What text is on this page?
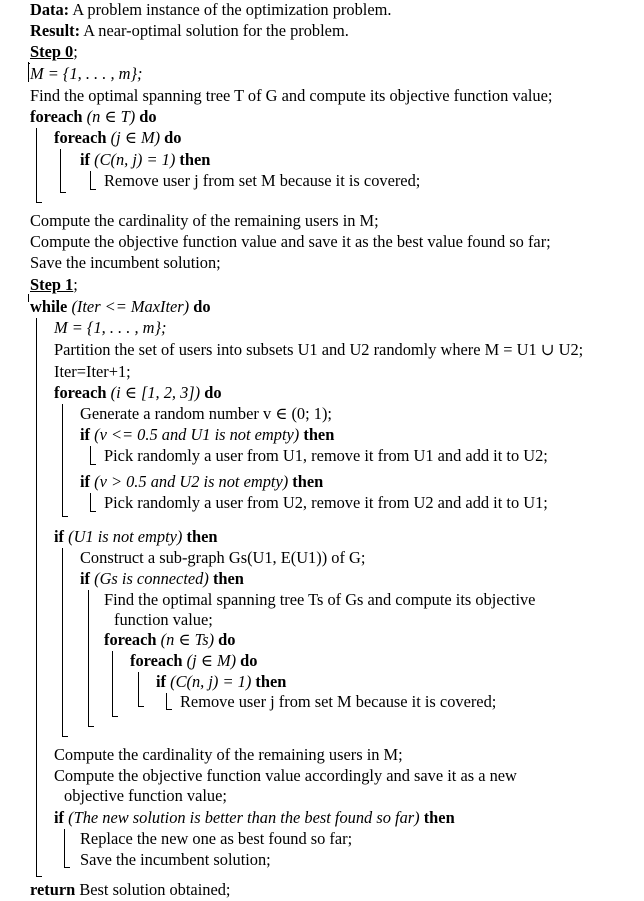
Data: A problem instance of the optimization problem.
Result: A near-optimal solution for the problem.
Step 0;
M = {1, . . . , m};
Find the optimal spanning tree T of G and compute its objective function value;
foreach (n ∈ T) do
foreach (j ∈ M) do
if (C(n, j) = 1) then
Remove user j from set M because it is covered;
Compute the cardinality of the remaining users in M;
Compute the objective function value and save it as the best value found so far;
Save the incumbent solution;
Step 1;
while (Iter <= MaxIter) do
M = {1, . . . , m};
Partition the set of users into subsets U1 and U2 randomly where M = U1 ∪ U2;
Iter=Iter+1;
foreach (i ∈ [1, 2, 3]) do
Generate a random number v ∈ (0; 1);
if (v <= 0.5 and U1 is not empty) then
Pick randomly a user from U1, remove it from U1 and add it to U2;
if (v > 0.5 and U2 is not empty) then
Pick randomly a user from U2, remove it from U2 and add it to U1;
if (U1 is not empty) then
Construct a sub-graph Gs(U1, E(U1)) of G;
if (Gs is connected) then
Find the optimal spanning tree Ts of Gs and compute its objective
function value;
foreach (n ∈ Ts) do
foreach (j ∈ M) do
if (C(n, j) = 1) then
Remove user j from set M because it is covered;
Compute the cardinality of the remaining users in M;
Compute the objective function value accordingly and save it as a new
objective function value;
if (The new solution is better than the best found so far) then
Replace the new one as best found so far;
Save the incumbent solution;
return Best solution obtained;
